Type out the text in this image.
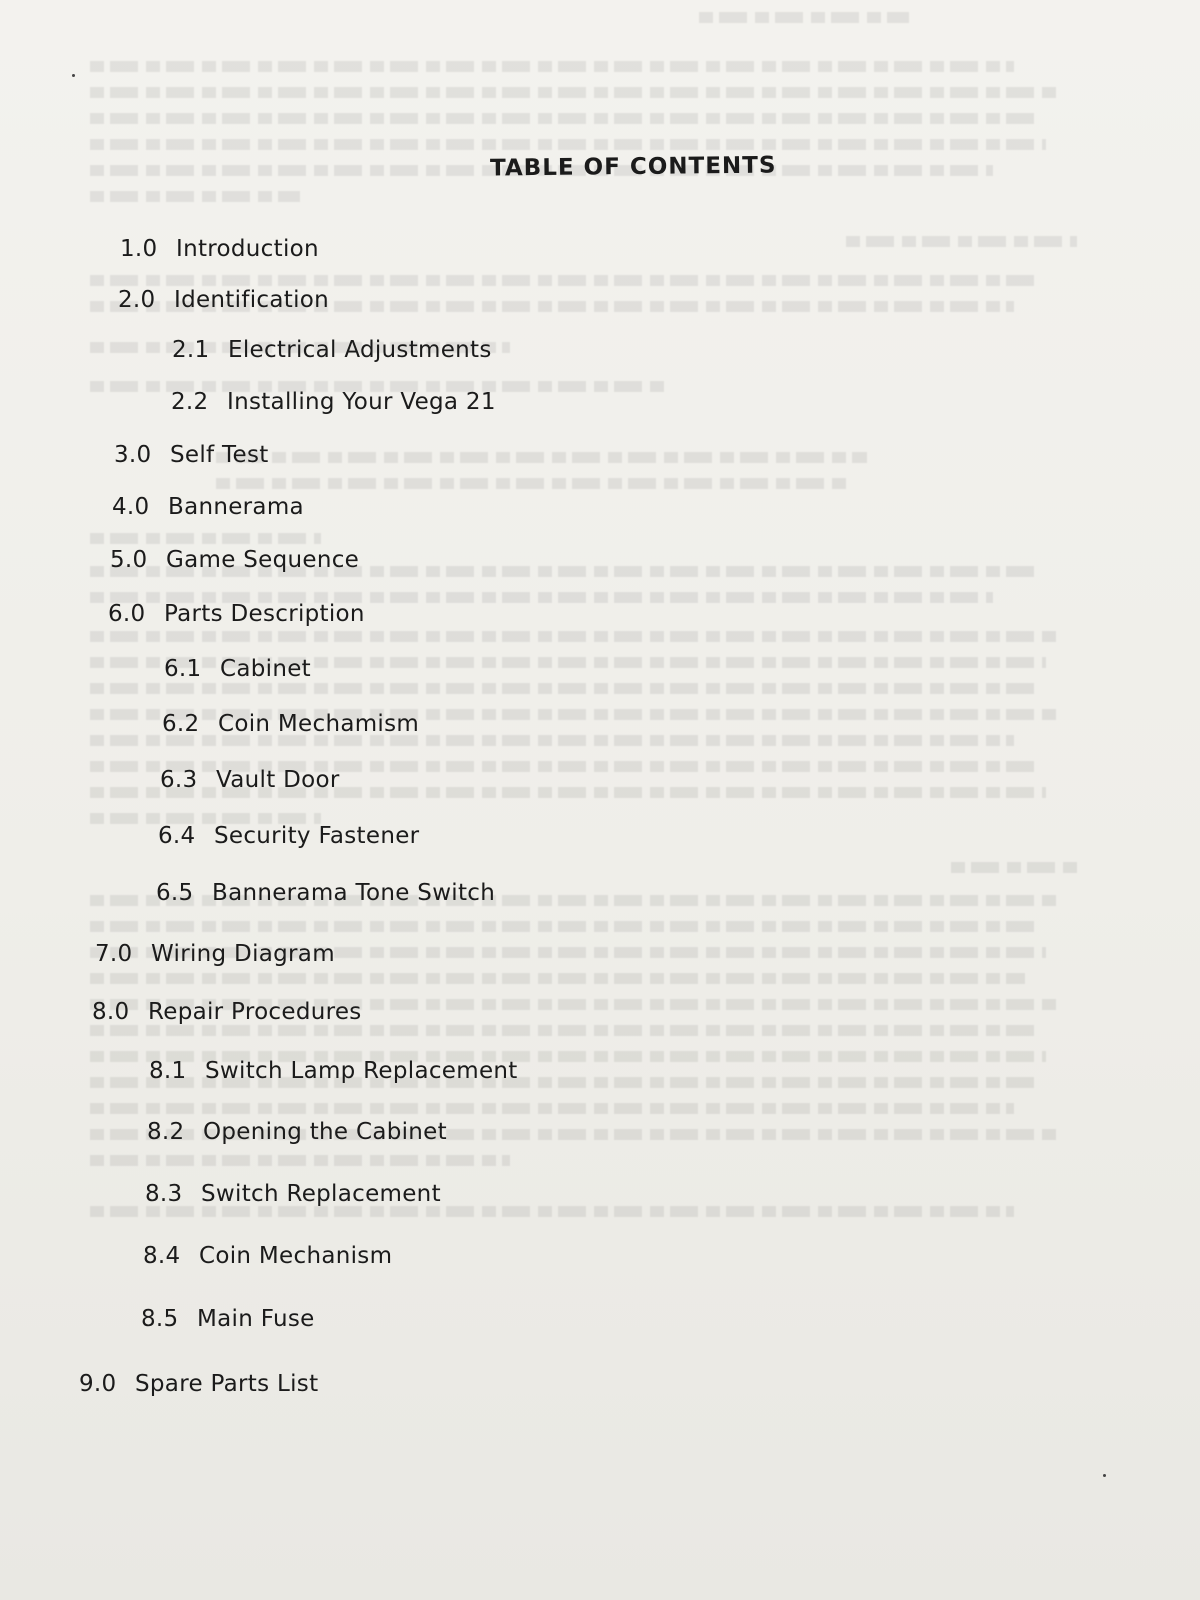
TABLE OF CONTENTS
1.0 Introduction
2.0 Identification
2.1 Electrical Adjustments
2.2 Installing Your Vega 21
3.0 Self Test
4.0 Bannerama
5.0 Game Sequence
6.0 Parts Description
6.1 Cabinet
6.2 Coin Mechamism
6.3 Vault Door
6.4 Security Fastener
6.5 Bannerama Tone Switch
7.0 Wiring Diagram
8.0 Repair Procedures
8.1 Switch Lamp Replacement
8.2 Opening the Cabinet
8.3 Switch Replacement
8.4 Coin Mechanism
8.5 Main Fuse
9.0 Spare Parts List
